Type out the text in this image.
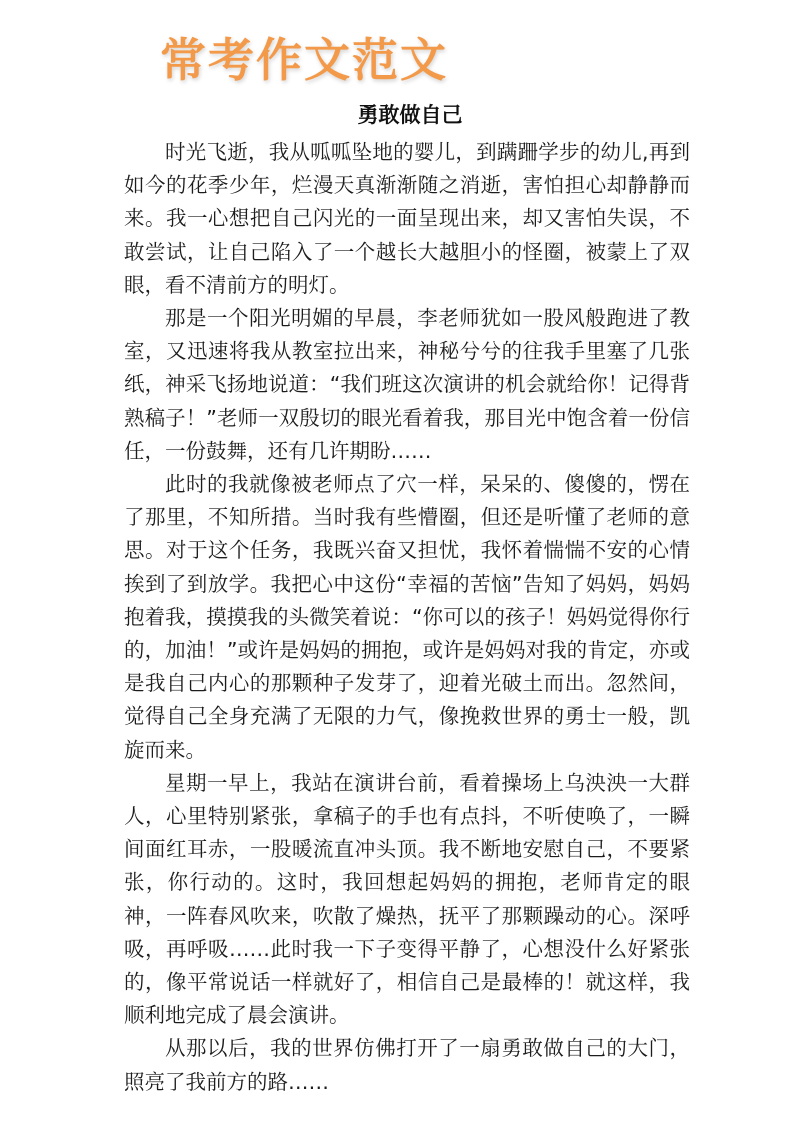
常考作文范文
勇敢做自己

时光飞逝，我从呱呱坠地的婴儿，到蹒跚学步的幼儿,再到如今的花季少年，烂漫天真渐渐随之消逝，害怕担心却静静而来。我一心想把自己闪光的一面呈现出来，却又害怕失误，不敢尝试，让自己陷入了一个越长大越胆小的怪圈，被蒙上了双眼，看不清前方的明灯。

那是一个阳光明媚的早晨，李老师犹如一股风般跑进了教室，又迅速将我从教室拉出来，神秘兮兮的往我手里塞了几张纸，神采飞扬地说道：“我们班这次演讲的机会就给你！记得背熟稿子！”老师一双殷切的眼光看着我，那目光中饱含着一份信任，一份鼓舞，还有几许期盼……

此时的我就像被老师点了穴一样，呆呆的、傻傻的，愣在了那里，不知所措。当时我有些懵圈，但还是听懂了老师的意思。对于这个任务，我既兴奋又担忧，我怀着惴惴不安的心情挨到了到放学。我把心中这份“幸福的苦恼”告知了妈妈，妈妈抱着我，摸摸我的头微笑着说：“你可以的孩子！妈妈觉得你行的，加油！”或许是妈妈的拥抱，或许是妈妈对我的肯定，亦或是我自己内心的那颗种子发芽了，迎着光破土而出。忽然间，觉得自己全身充满了无限的力气，像挽救世界的勇士一般，凯旋而来。

星期一早上，我站在演讲台前，看着操场上乌泱泱一大群人，心里特别紧张，拿稿子的手也有点抖，不听使唤了，一瞬间面红耳赤，一股暖流直冲头顶。我不断地安慰自己，不要紧张，你行动的。这时，我回想起妈妈的拥抱，老师肯定的眼神，一阵春风吹来，吹散了燥热，抚平了那颗躁动的心。深呼吸，再呼吸……此时我一下子变得平静了，心想没什么好紧张的，像平常说话一样就好了，相信自己是最棒的！就这样，我顺利地完成了晨会演讲。

从那以后，我的世界仿佛打开了一扇勇敢做自己的大门，照亮了我前方的路……
